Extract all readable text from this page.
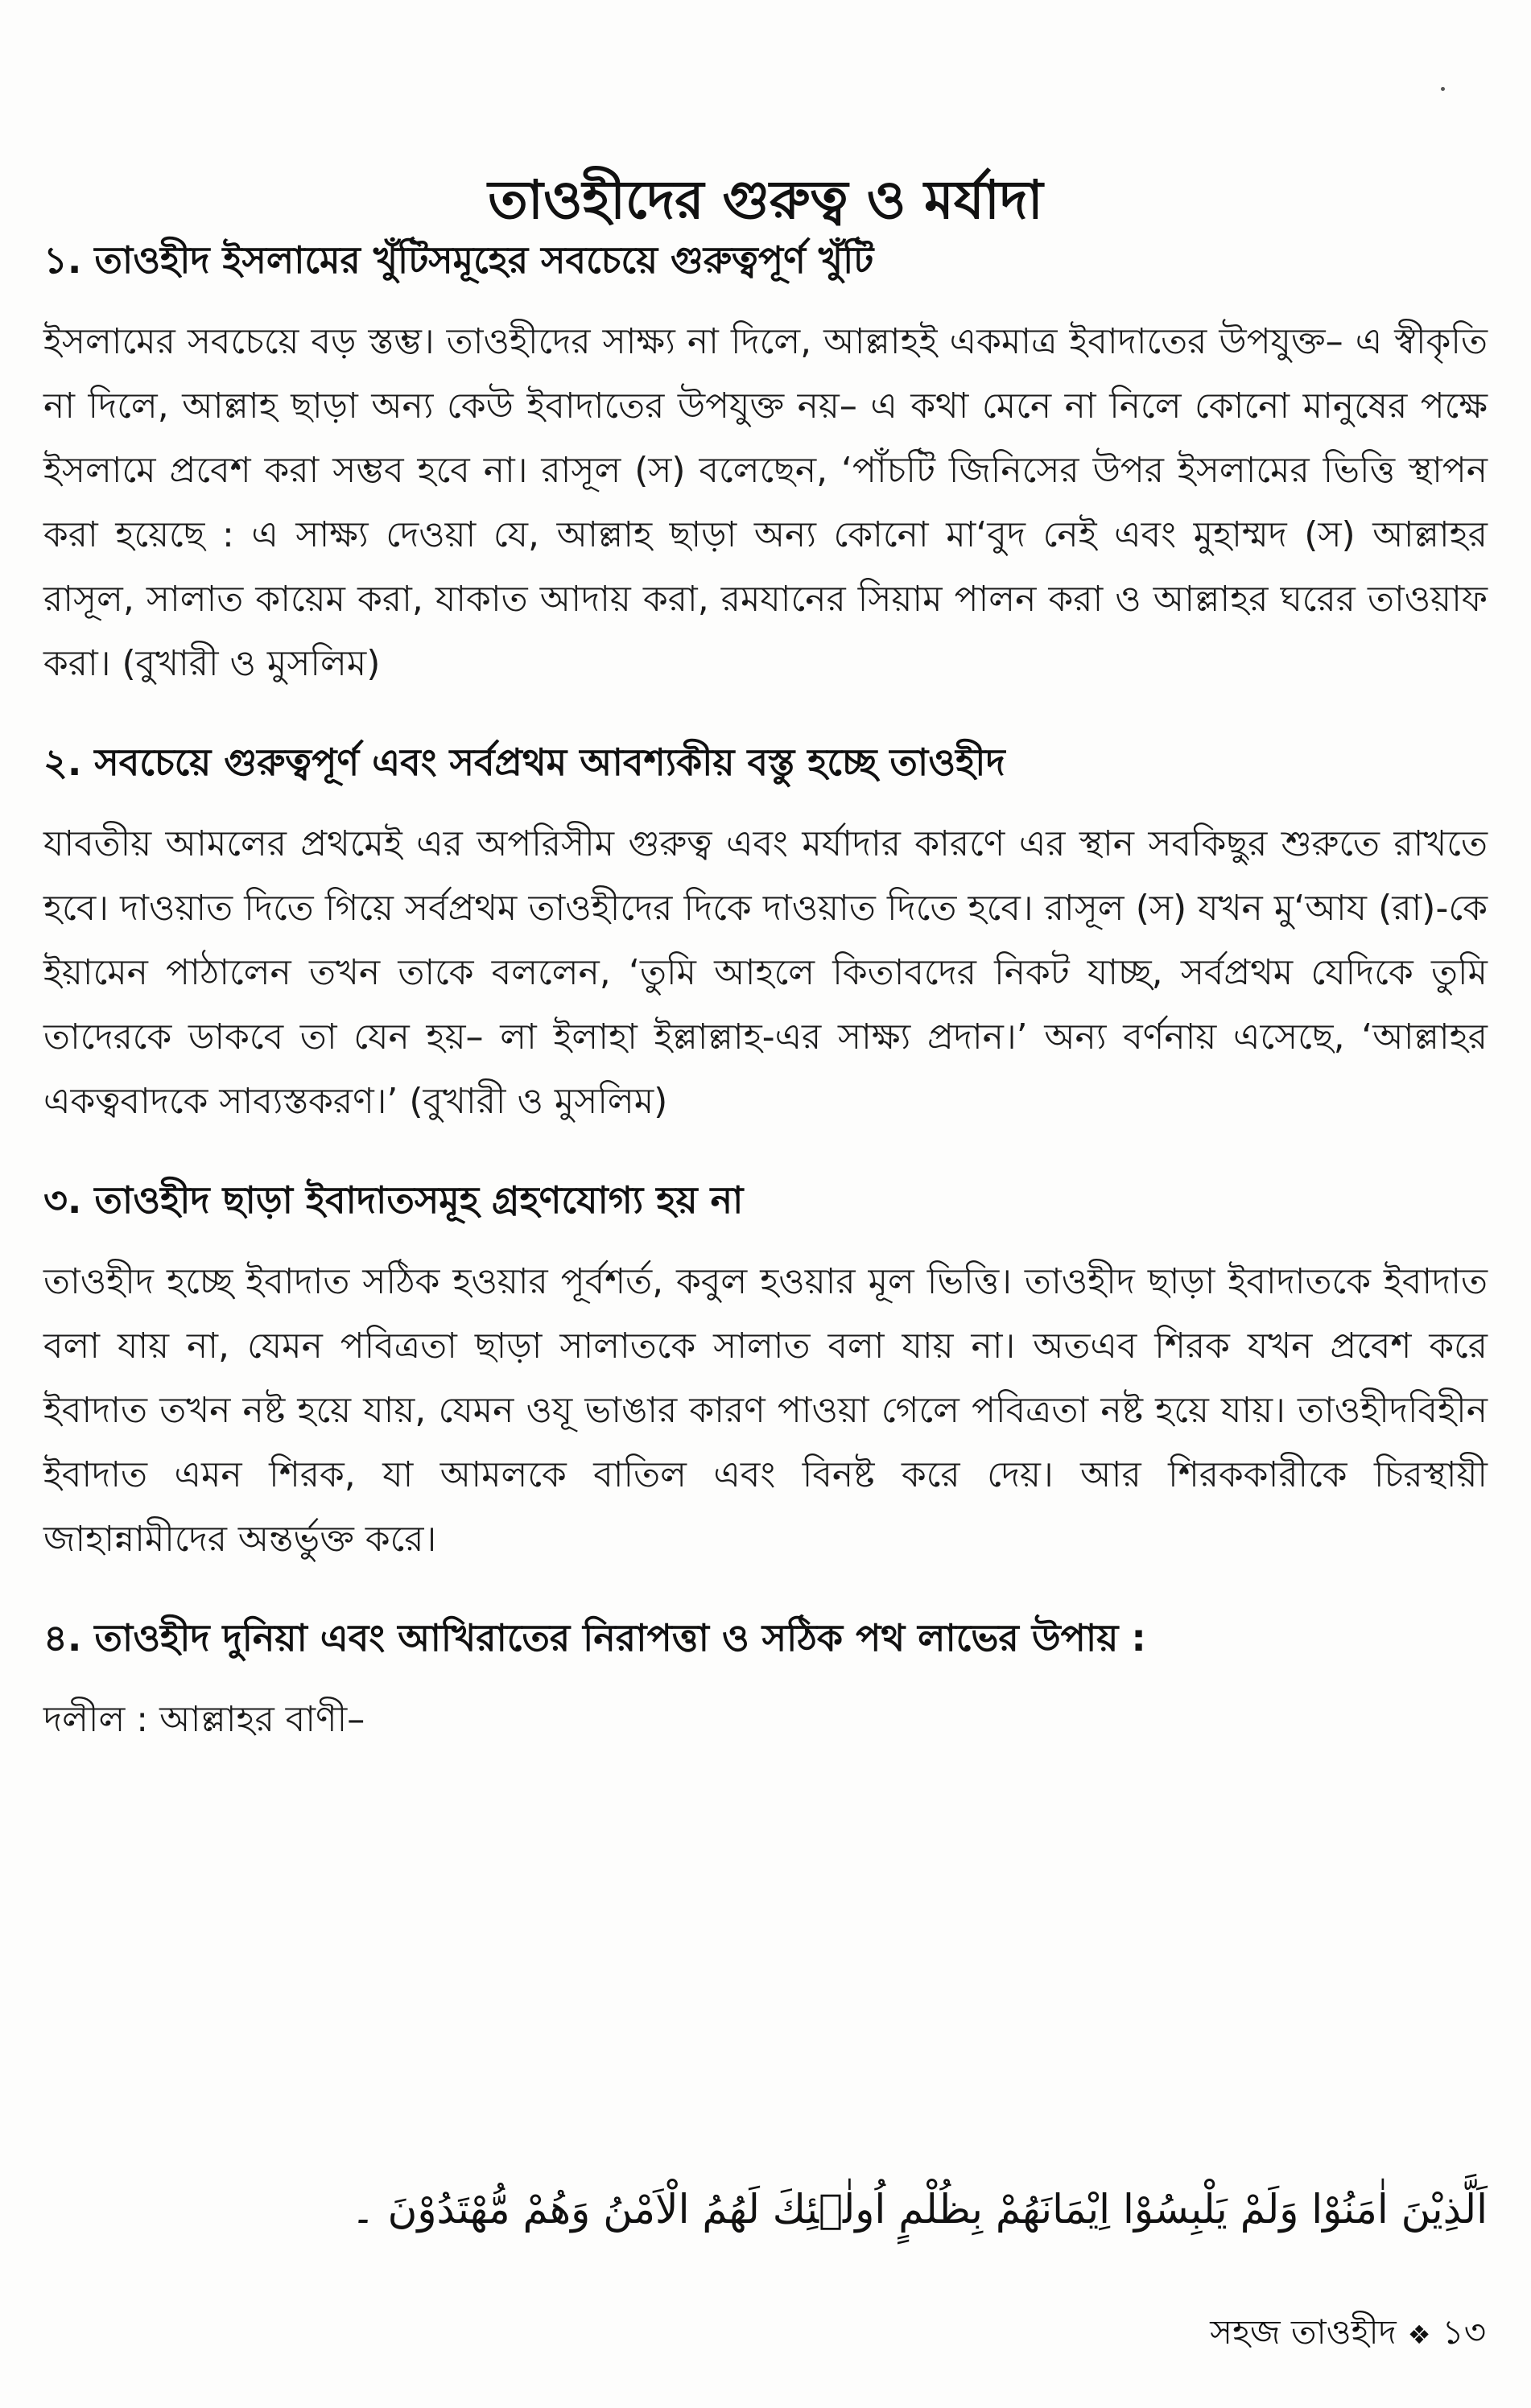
তাওহীদের গুরুত্ব ও মর্যাদা
১. তাওহীদ ইসলামের খুঁটিসমূহের সবচেয়ে গুরুত্বপূর্ণ খুঁটি

ইসলামের সবচেয়ে বড় স্তম্ভ। তাওহীদের সাক্ষ্য না দিলে, আল্লাহই একমাত্র ইবাদাতের উপযুক্ত– এ স্বীকৃতি না দিলে, আল্লাহ ছাড়া অন্য কেউ ইবাদাতের উপযুক্ত নয়– এ কথা মেনে না নিলে কোনো মানুষের পক্ষে ইসলামে প্রবেশ করা সম্ভব হবে না। রাসূল (স) বলেছেন, ‘পাঁচটি জিনিসের উপর ইসলামের ভিত্তি স্থাপন করা হয়েছে : এ সাক্ষ্য দেওয়া যে, আল্লাহ ছাড়া অন্য কোনো মা‘বুদ নেই এবং মুহাম্মদ (স) আল্লাহর রাসূল, সালাত কায়েম করা, যাকাত আদায় করা, রমযানের সিয়াম পালন করা ও আল্লাহর ঘরের তাওয়াফ করা। (বুখারী ও মুসলিম)

২. সবচেয়ে গুরুত্বপূর্ণ এবং সর্বপ্রথম আবশ্যকীয় বস্তু হচ্ছে তাওহীদ

যাবতীয় আমলের প্রথমেই এর অপরিসীম গুরুত্ব এবং মর্যাদার কারণে এর স্থান সবকিছুর শুরুতে রাখতে হবে। দাওয়াত দিতে গিয়ে সর্বপ্রথম তাওহীদের দিকে দাওয়াত দিতে হবে। রাসূল (স) যখন মু‘আয (রা)-কে ইয়ামেন পাঠালেন তখন তাকে বললেন, ‘তুমি আহলে কিতাবদের নিকট যাচ্ছ, সর্বপ্রথম যেদিকে তুমি তাদেরকে ডাকবে তা যেন হয়– লা ইলাহা ইল্লাল্লাহ-এর সাক্ষ্য প্রদান।’ অন্য বর্ণনায় এসেছে, ‘আল্লাহর একত্ববাদকে সাব্যস্তকরণ।’ (বুখারী ও মুসলিম)

৩. তাওহীদ ছাড়া ইবাদাতসমূহ গ্রহণযোগ্য হয় না

তাওহীদ হচ্ছে ইবাদাত সঠিক হওয়ার পূর্বশর্ত, কবুল হওয়ার মূল ভিত্তি। তাওহীদ ছাড়া ইবাদাতকে ইবাদাত বলা যায় না, যেমন পবিত্রতা ছাড়া সালাতকে সালাত বলা যায় না। অতএব শিরক যখন প্রবেশ করে ইবাদাত তখন নষ্ট হয়ে যায়, যেমন ওযূ ভাঙার কারণ পাওয়া গেলে পবিত্রতা নষ্ট হয়ে যায়। তাওহীদবিহীন ইবাদাত এমন শিরক, যা আমলকে বাতিল এবং বিনষ্ট করে দেয়। আর শিরককারীকে চিরস্থায়ী জাহান্নামীদের অন্তর্ভুক্ত করে।

৪. তাওহীদ দুনিয়া এবং আখিরাতের নিরাপত্তা ও সঠিক পথ লাভের উপায় :

দলীল : আল্লাহর বাণী–

اَلَّذِيْنَ اٰمَنُوْا وَلَمْ يَلْبِسُوْا اِيْمَانَهُمْ بِظُلْمٍ اُولٰۤئِكَ لَهُمُ الْاَمْنُ وَهُمْ مُّهْتَدُوْنَ ۔
সহজ তাওহীদ ❖ ১৩
